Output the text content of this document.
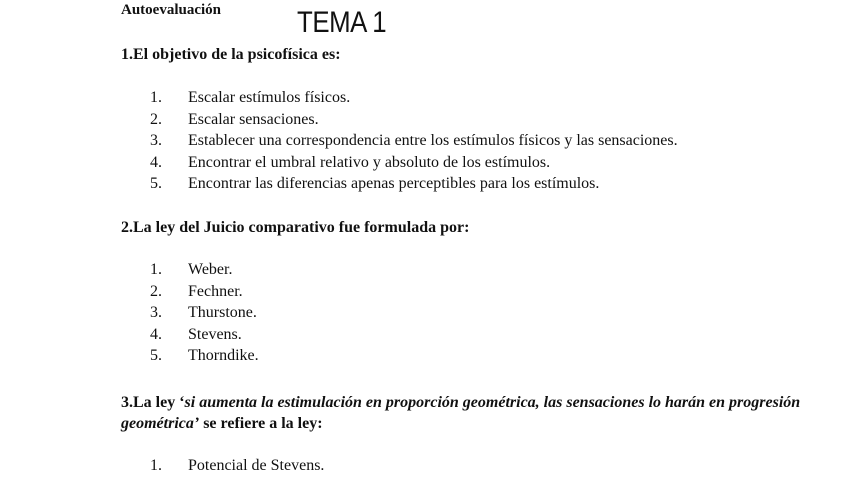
Autoevaluación	TEMA 1
1.El objetivo de la psicofísica es:
1. Escalar estímulos físicos.
2. Escalar sensaciones.
3. Establecer una correspondencia entre los estímulos físicos y las sensaciones.
4. Encontrar el umbral relativo y absoluto de los estímulos.
5. Encontrar las diferencias apenas perceptibles para los estímulos.
2.La ley del Juicio comparativo fue formulada por:
1. Weber.
2. Fechner.
3. Thurstone.
4. Stevens.
5. Thorndike.
3.La ley ‘si aumenta la estimulación en proporción geométrica, las sensaciones lo harán en progresión geométrica’ se refiere a la ley:
1. Potencial de Stevens.
